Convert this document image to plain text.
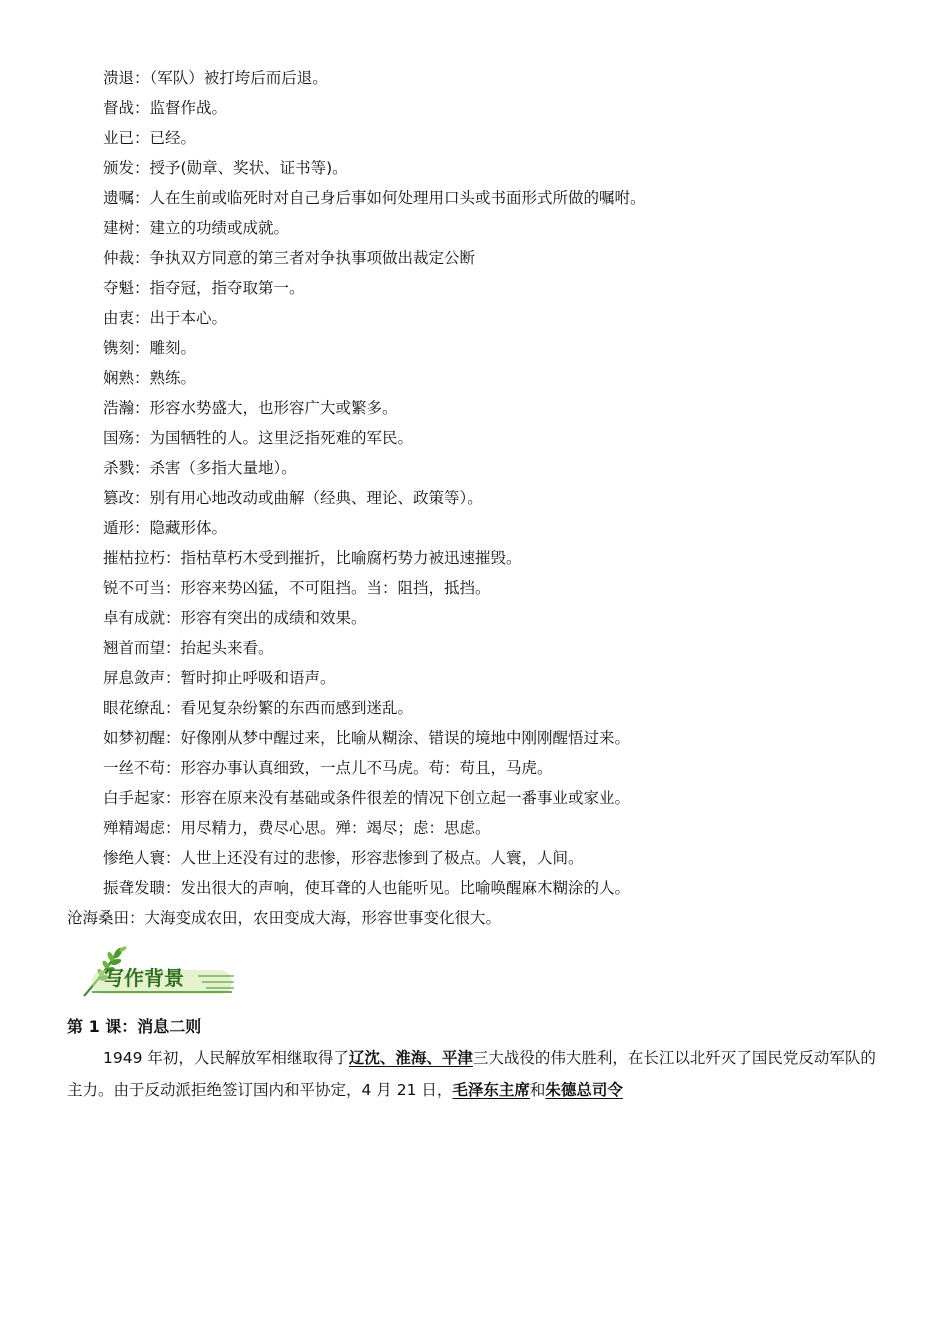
溃退：（军队）被打垮后而后退。
督战：监督作战。
业已：已经。
颁发：授予(勋章、奖状、证书等)。
遗嘱：人在生前或临死时对自己身后事如何处理用口头或书面形式所做的嘱咐。
建树：建立的功绩或成就。
仲裁：争执双方同意的第三者对争执事项做出裁定公断
夺魁：指夺冠，指夺取第一。
由衷：出于本心。
镌刻：雕刻。
娴熟：熟练。
浩瀚：形容水势盛大，也形容广大或繁多。
国殇：为国牺牲的人。这里泛指死难的军民。
杀戮：杀害（多指大量地）。
篡改：别有用心地改动或曲解（经典、理论、政策等）。
遁形：隐藏形体。
摧枯拉朽：指枯草朽木受到摧折，比喻腐朽势力被迅速摧毁。
锐不可当：形容来势凶猛，不可阻挡。当：阻挡，抵挡。
卓有成就：形容有突出的成绩和效果。
翘首而望：抬起头来看。
屏息敛声：暂时抑止呼吸和语声。
眼花缭乱：看见复杂纷繁的东西而感到迷乱。
如梦初醒：好像刚从梦中醒过来，比喻从糊涂、错误的境地中刚刚醒悟过来。
一丝不苟：形容办事认真细致，一点儿不马虎。苟：苟且，马虎。
白手起家：形容在原来没有基础或条件很差的情况下创立起一番事业或家业。
殚精竭虑：用尽精力，费尽心思。殚：竭尽；虑：思虑。
惨绝人寰：人世上还没有过的悲惨，形容悲惨到了极点。人寰，人间。
振聋发聩：发出很大的声响，使耳聋的人也能听见。比喻唤醒麻木糊涂的人。
沧海桑田：大海变成农田，农田变成大海，形容世事变化很大。
写作背景
第 1 课：消息二则
1949 年初，人民解放军相继取得了辽沈、淮海、平津三大战役的伟大胜利，在长江以北歼灭了国民党反动军队的主力。由于反动派拒绝签订国内和平协定，4 月 21 日，毛泽东主席和朱德总司令
